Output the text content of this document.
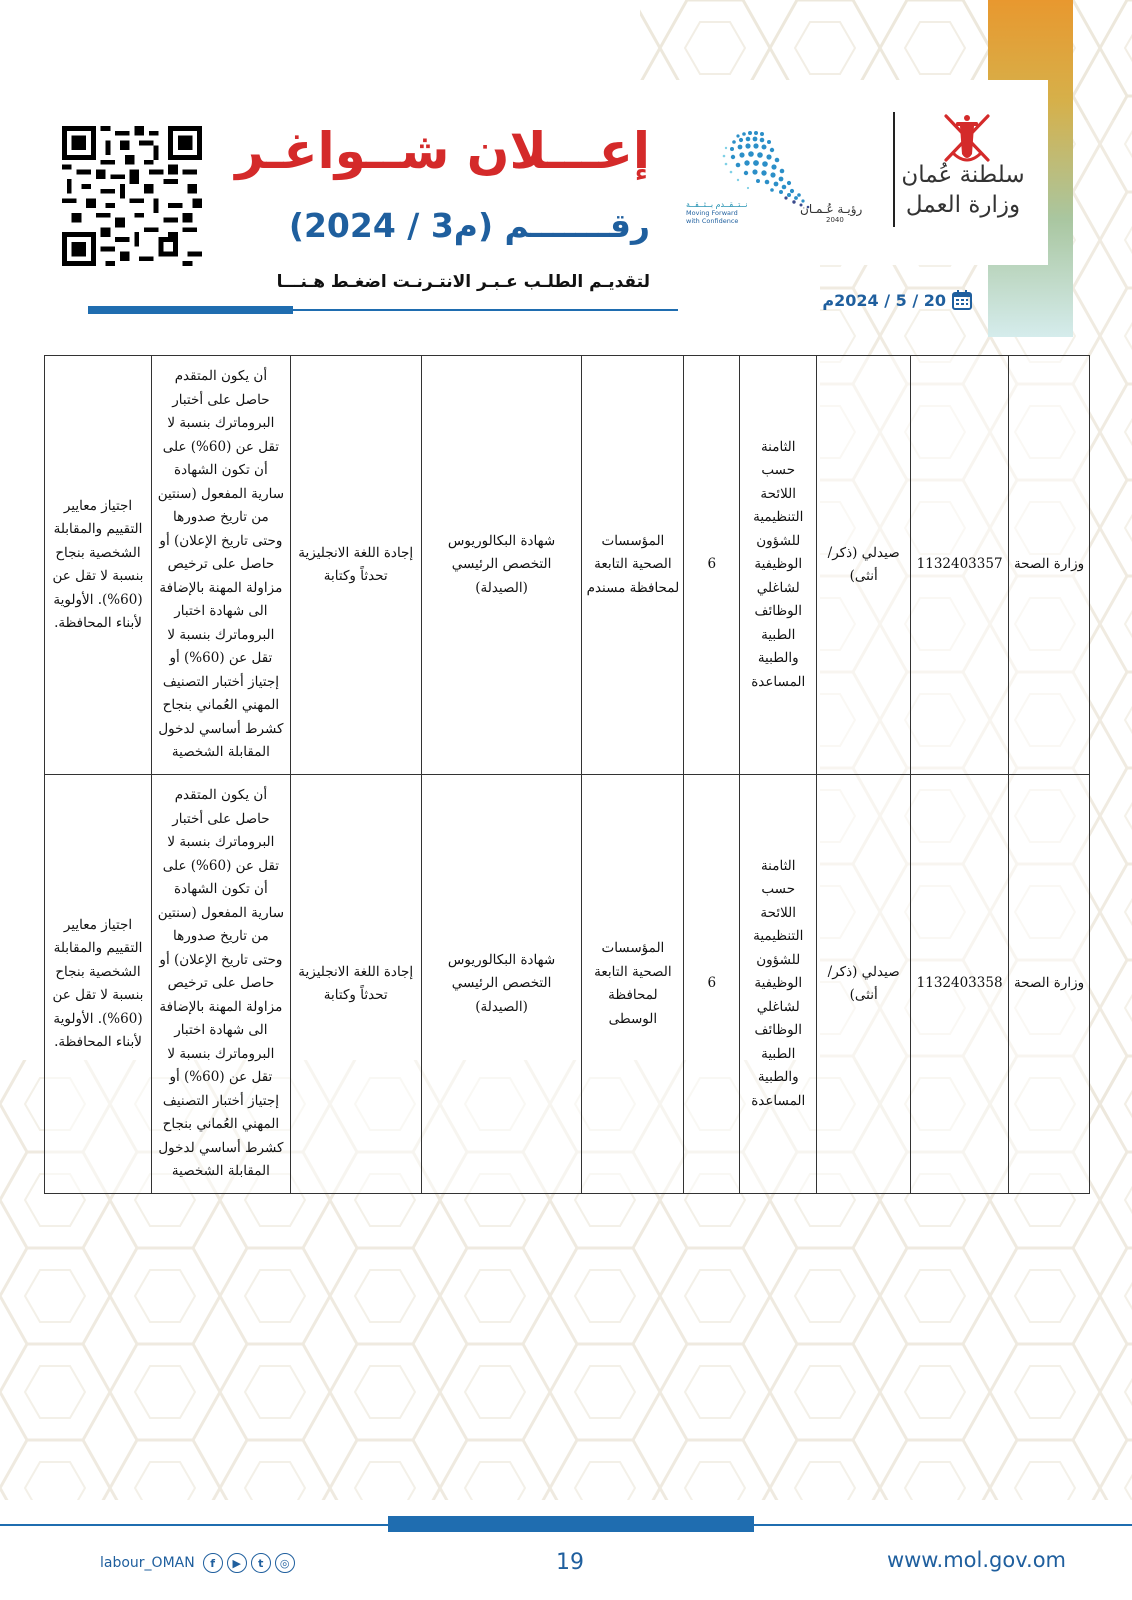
إعـــلان شــواغـر
رقـــــــم (م3 / 2024)
لتقديـم الطلـب عـبـر الانتـرنـت اضغـط هـنـــا
20 / 5 / 2024م
رؤيـة عُـمـان
2040
نــتــقــدم بــثــقــة
Moving Forward
with Confidence
سلطنة عُمان
وزارة العمل
وزارة الصحة	1132403357	صيدلي (ذكر/ أنثى)	الثامنة حسب اللائحة التنظيمية للشؤون الوظيفية لشاغلي الوظائف الطبية والطبية المساعدة	6	المؤسسات الصحية التابعة لمحافظة مسندم	شهادة البكالوريوس التخصص الرئيسي (الصيدلة)	إجادة اللغة الانجليزية تحدثاً وكتابة	أن يكون المتقدم حاصل على أختبار البروماترك بنسبة لا تقل عن (60%) على أن تكون الشهادة سارية المفعول (سنتين من تاريخ صدورها وحتى تاريخ الإعلان) أو حاصل على ترخيص مزاولة المهنة بالإضافة الى شهادة اختبار البروماترك بنسبة لا تقل عن (60%) أو إجتياز أختبار التصنيف المهني العُماني بنجاح كشرط أساسي لدخول المقابلة الشخصية	اجتياز معايير التقييم والمقابلة الشخصية بنجاح بنسبة لا تقل عن (60%). الأولوية لأبناء المحافظة.
وزارة الصحة	1132403358	صيدلي (ذكر/ أنثى)	الثامنة حسب اللائحة التنظيمية للشؤون الوظيفية لشاغلي الوظائف الطبية والطبية المساعدة	6	المؤسسات الصحية التابعة لمحافظة الوسطى	شهادة البكالوريوس التخصص الرئيسي (الصيدلة)	إجادة اللغة الانجليزية تحدثاً وكتابة	أن يكون المتقدم حاصل على أختبار البروماترك بنسبة لا تقل عن (60%) على أن تكون الشهادة سارية المفعول (سنتين من تاريخ صدورها وحتى تاريخ الإعلان) أو حاصل على ترخيص مزاولة المهنة بالإضافة الى شهادة اختبار البروماترك بنسبة لا تقل عن (60%) أو إجتياز أختبار التصنيف المهني العُماني بنجاح كشرط أساسي لدخول المقابلة الشخصية	اجتياز معايير التقييم والمقابلة الشخصية بنجاح بنسبة لا تقل عن (60%). الأولوية لأبناء المحافظة.
19	www.mol.gov.om
labour_OMAN	f	▶	t	◎
